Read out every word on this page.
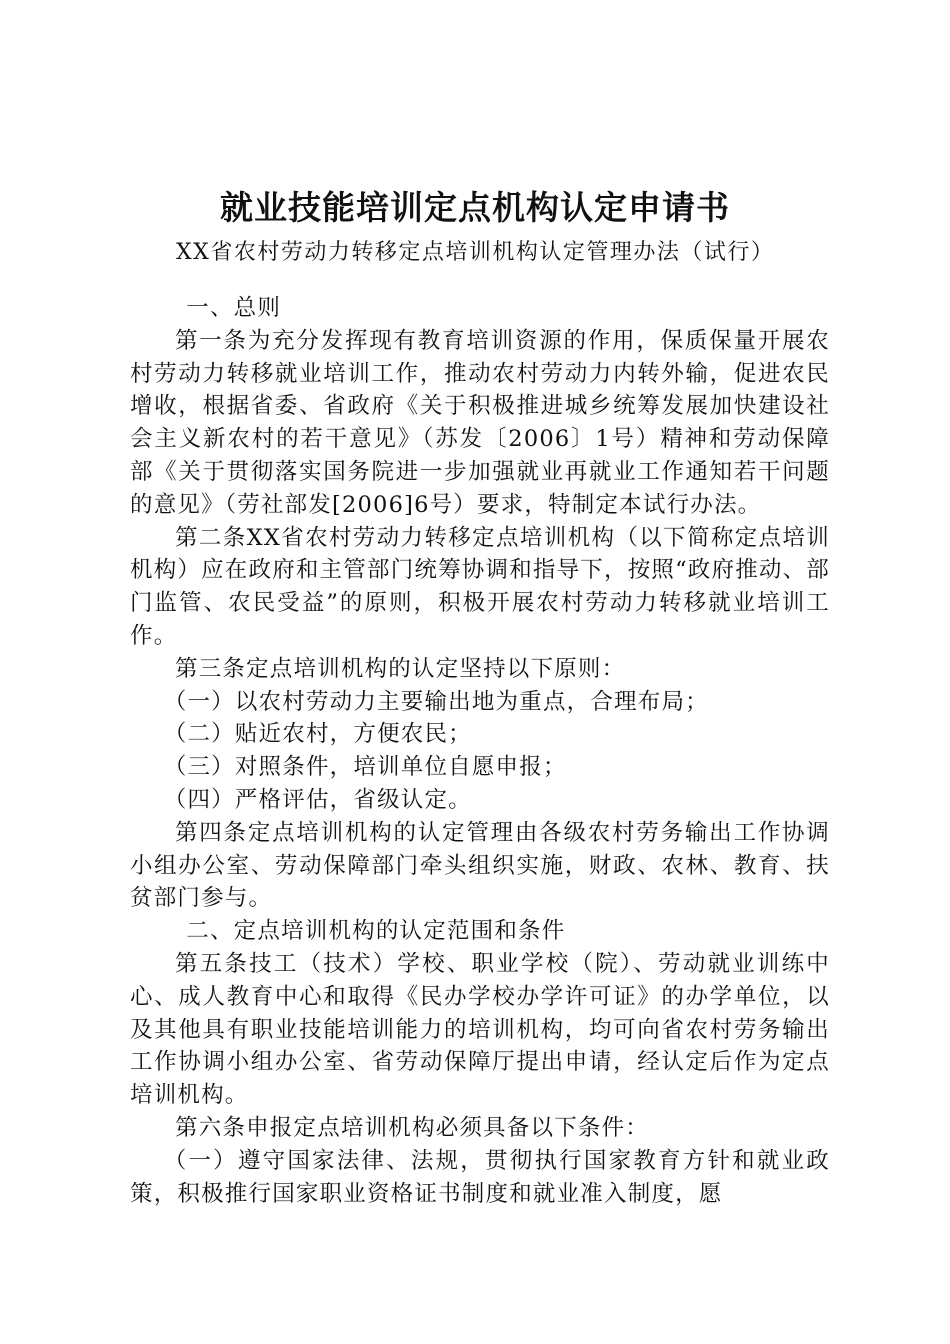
就业技能培训定点机构认定申请书

XX省农村劳动力转移定点培训机构认定管理办法（试行）

一、总则

第一条为充分发挥现有教育培训资源的作用，保质保量开展农村劳动力转移就业培训工作，推动农村劳动力内转外输，促进农民增收，根据省委、省政府《关于积极推进城乡统筹发展加快建设社会主义新农村的若干意见》（苏发〔2006〕1号）精神和劳动保障部《关于贯彻落实国务院进一步加强就业再就业工作通知若干问题的意见》（劳社部发[2006]6号）要求，特制定本试行办法。

第二条XX省农村劳动力转移定点培训机构（以下简称定点培训机构）应在政府和主管部门统筹协调和指导下，按照“政府推动、部门监管、农民受益”的原则，积极开展农村劳动力转移就业培训工作。

第三条定点培训机构的认定坚持以下原则：

（一）以农村劳动力主要输出地为重点，合理布局；

（二）贴近农村，方便农民；

（三）对照条件，培训单位自愿申报；

（四）严格评估，省级认定。

第四条定点培训机构的认定管理由各级农村劳务输出工作协调小组办公室、劳动保障部门牵头组织实施，财政、农林、教育、扶贫部门参与。

二、定点培训机构的认定范围和条件

第五条技工（技术）学校、职业学校（院）、劳动就业训练中心、成人教育中心和取得《民办学校办学许可证》的办学单位，以及其他具有职业技能培训能力的培训机构，均可向省农村劳务输出工作协调小组办公室、省劳动保障厅提出申请，经认定后作为定点培训机构。

第六条申报定点培训机构必须具备以下条件：

（一）遵守国家法律、法规，贯彻执行国家教育方针和就业政策，积极推行国家职业资格证书制度和就业准入制度，愿
